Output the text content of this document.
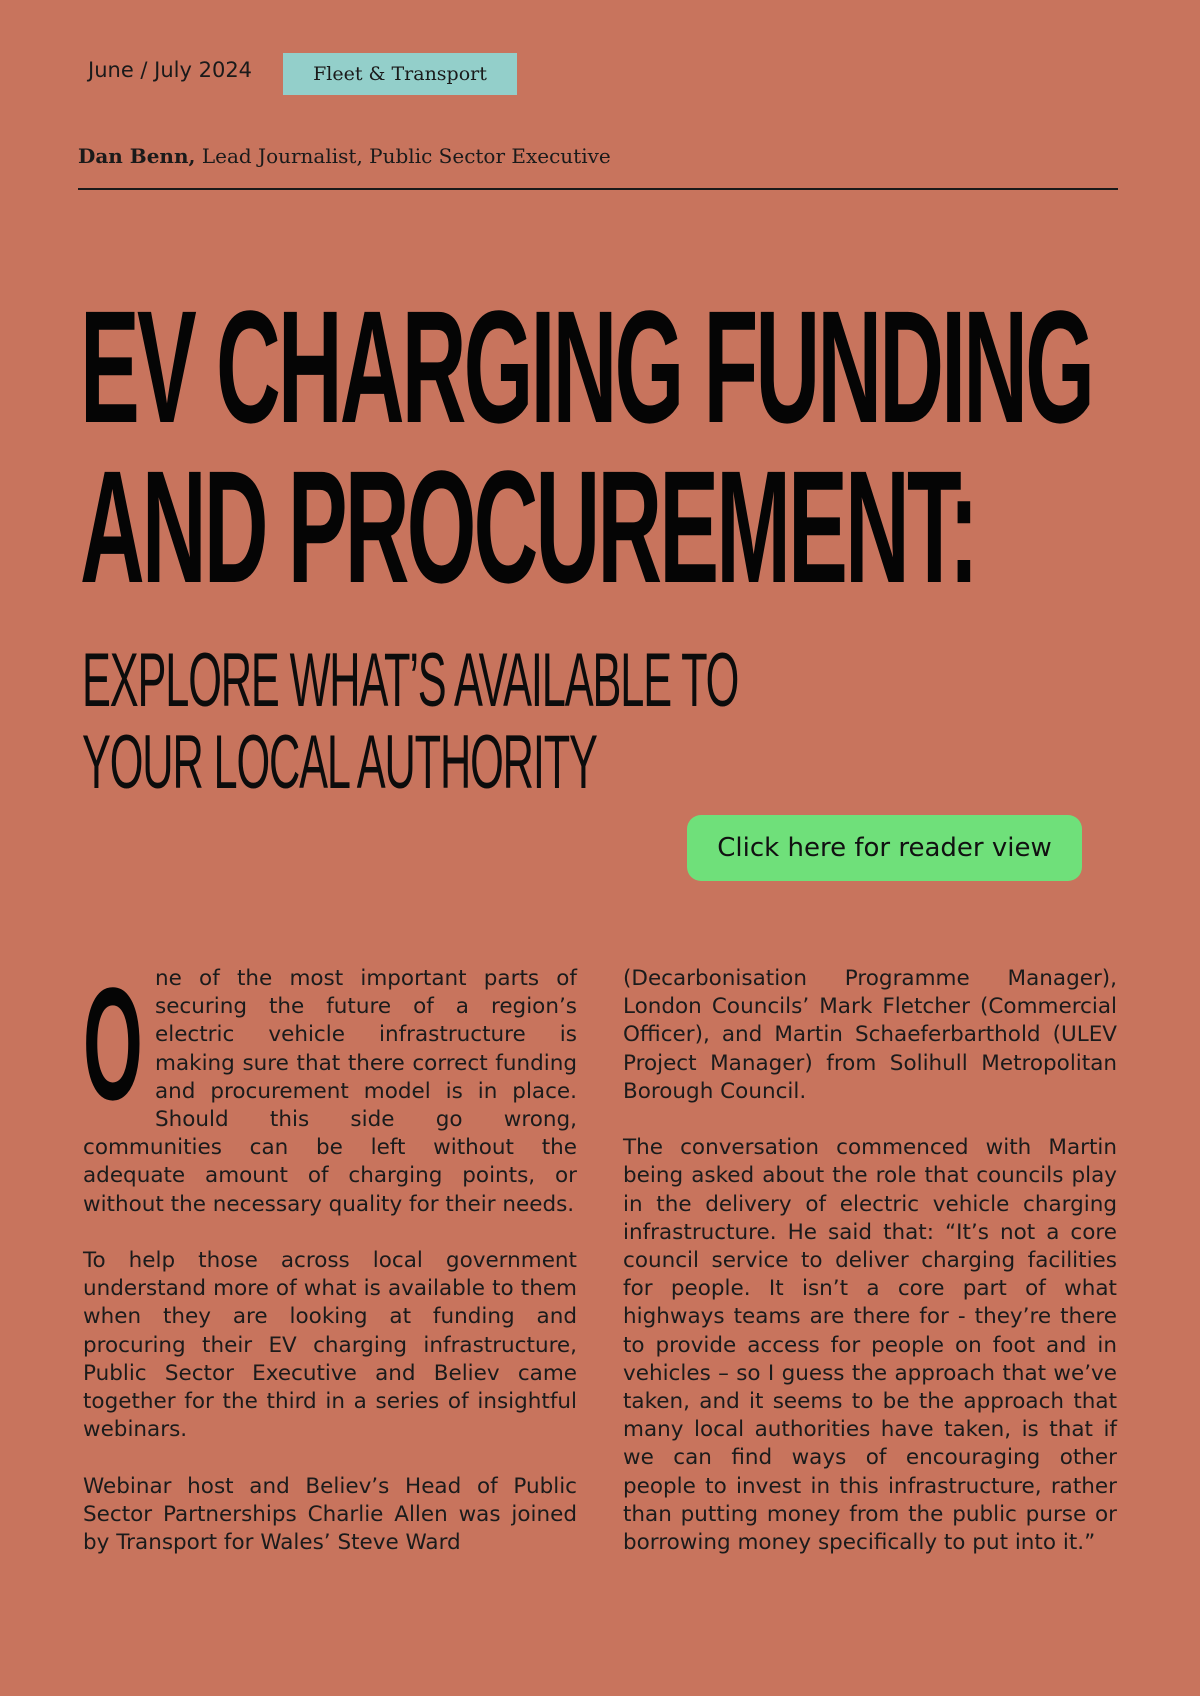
June / July 2024	Fleet & Transport

Dan Benn, Lead Journalist, Public Sector Executive

EV CHARGING FUNDING
AND PROCUREMENT:
EXPLORE WHAT’S AVAILABLE TO
YOUR LOCAL AUTHORITY
Click here for reader view

One of the most important parts of securing the future of a region’s electric vehicle infrastructure is making sure that there correct funding and procurement model is in place. Should this side go wrong, communities can be left without the adequate amount of charging points, or without the necessary quality for their needs.

To help those across local government understand more of what is available to them when they are looking at funding and procuring their EV charging infrastructure, Public Sector Executive and Believ came together for the third in a series of insightful webinars.

Webinar host and Believ’s Head of Public Sector Partnerships Charlie Allen was joined by Transport for Wales’ Steve Ward

(Decarbonisation Programme Manager), London Councils’ Mark Fletcher (Commercial Officer), and Martin Schaeferbarthold (ULEV Project Manager) from Solihull Metropolitan Borough Council.

The conversation commenced with Martin being asked about the role that councils play in the delivery of electric vehicle charging infrastructure. He said that: “It’s not a core council service to deliver charging facilities for people. It isn’t a core part of what highways teams are there for - they’re there to provide access for people on foot and in vehicles – so I guess the approach that we’ve taken, and it seems to be the approach that many local authorities have taken, is that if we can find ways of encouraging other people to invest in this infrastructure, rather than putting money from the public purse or borrowing money specifically to put into it.”
